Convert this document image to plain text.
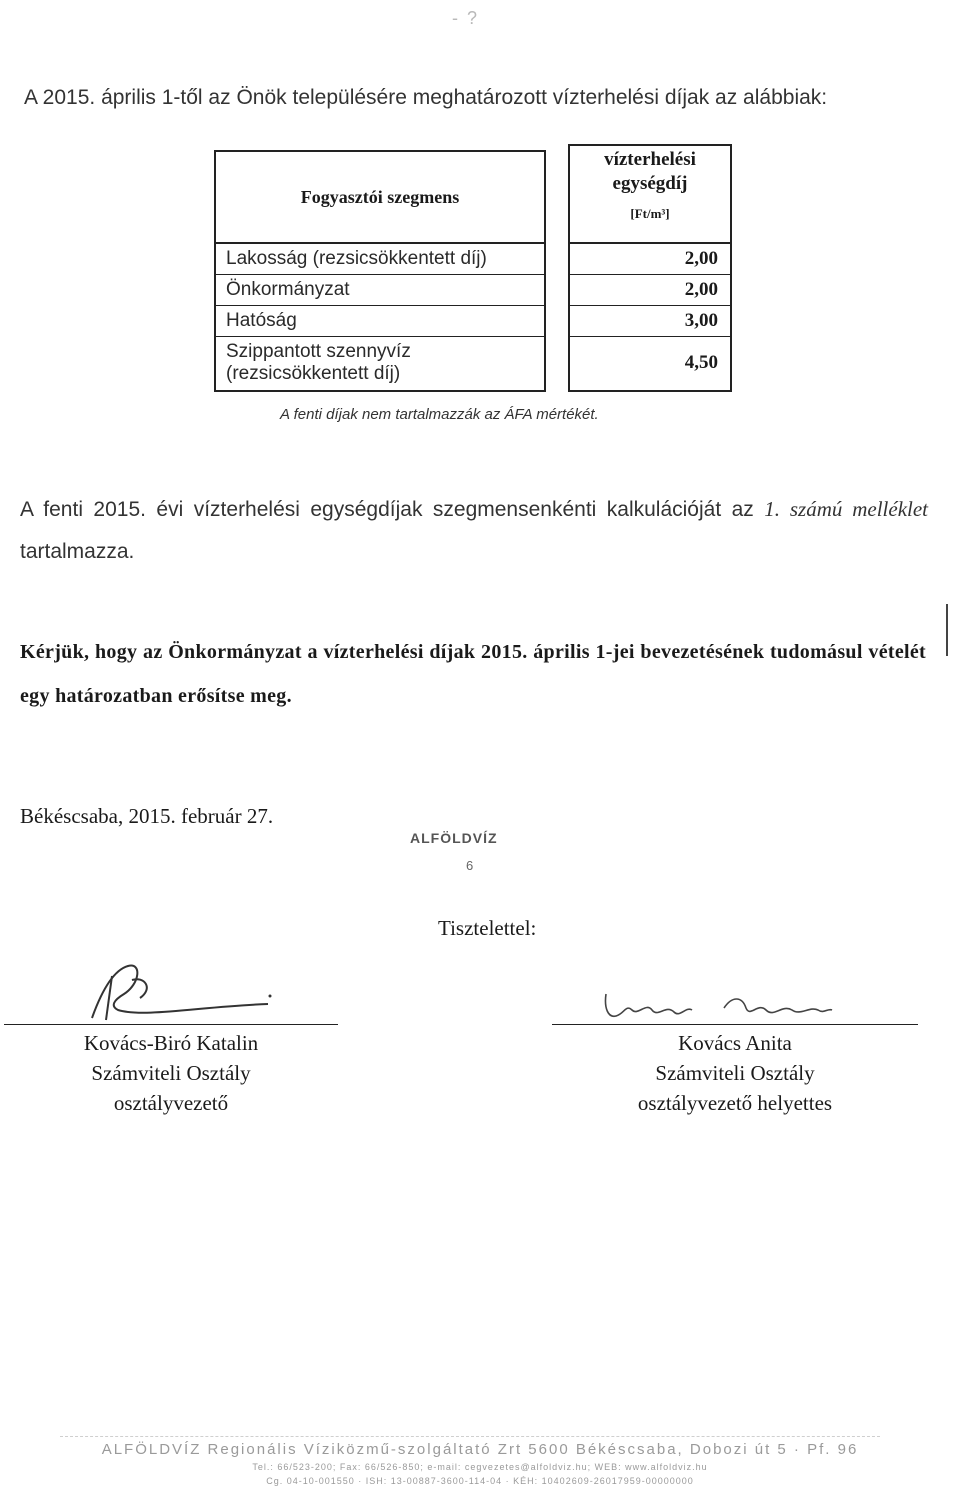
- ?
A 2015. április 1-től az Önök településére meghatározott vízterhelési díjak az alábbiak:
Fogyasztói szegmens
Lakosság (rezsicsökkentett díj)
Önkormányzat
Hatóság
Szippantott szennyvíz
(rezsicsökkentett díj)
vízterhelési
egységdíj
[Ft/m³]
2,00
2,00
3,00
4,50
A fenti díjak nem tartalmazzák az ÁFA mértékét.
A fenti 2015. évi vízterhelési egységdíjak szegmensenkénti kalkulációját az 1. számú melléklet tartalmazza.
Kérjük, hogy az Önkormányzat a vízterhelési díjak 2015. április 1-jei bevezetésének tudomásul vételét egy határozatban erősítse meg.
Békéscsaba, 2015. február 27.
ALFÖLDVÍZ
6
Tisztelettel:
Kovács-Biró Katalin
Számviteli Osztály
osztályvezető
Kovács Anita
Számviteli Osztály
osztályvezető helyettes
ALFÖLDVÍZ Regionális Víziközmű-szolgáltató Zrt 5600 Békéscsaba, Dobozi út 5 · Pf. 96
Tel.: 66/523-200; Fax: 66/526-850; e-mail: cegvezetes@alfoldviz.hu; WEB: www.alfoldviz.hu
Cg. 04-10-001550 · ISH: 13-00887-3600-114-04 · KÉH: 10402609-26017959-00000000
